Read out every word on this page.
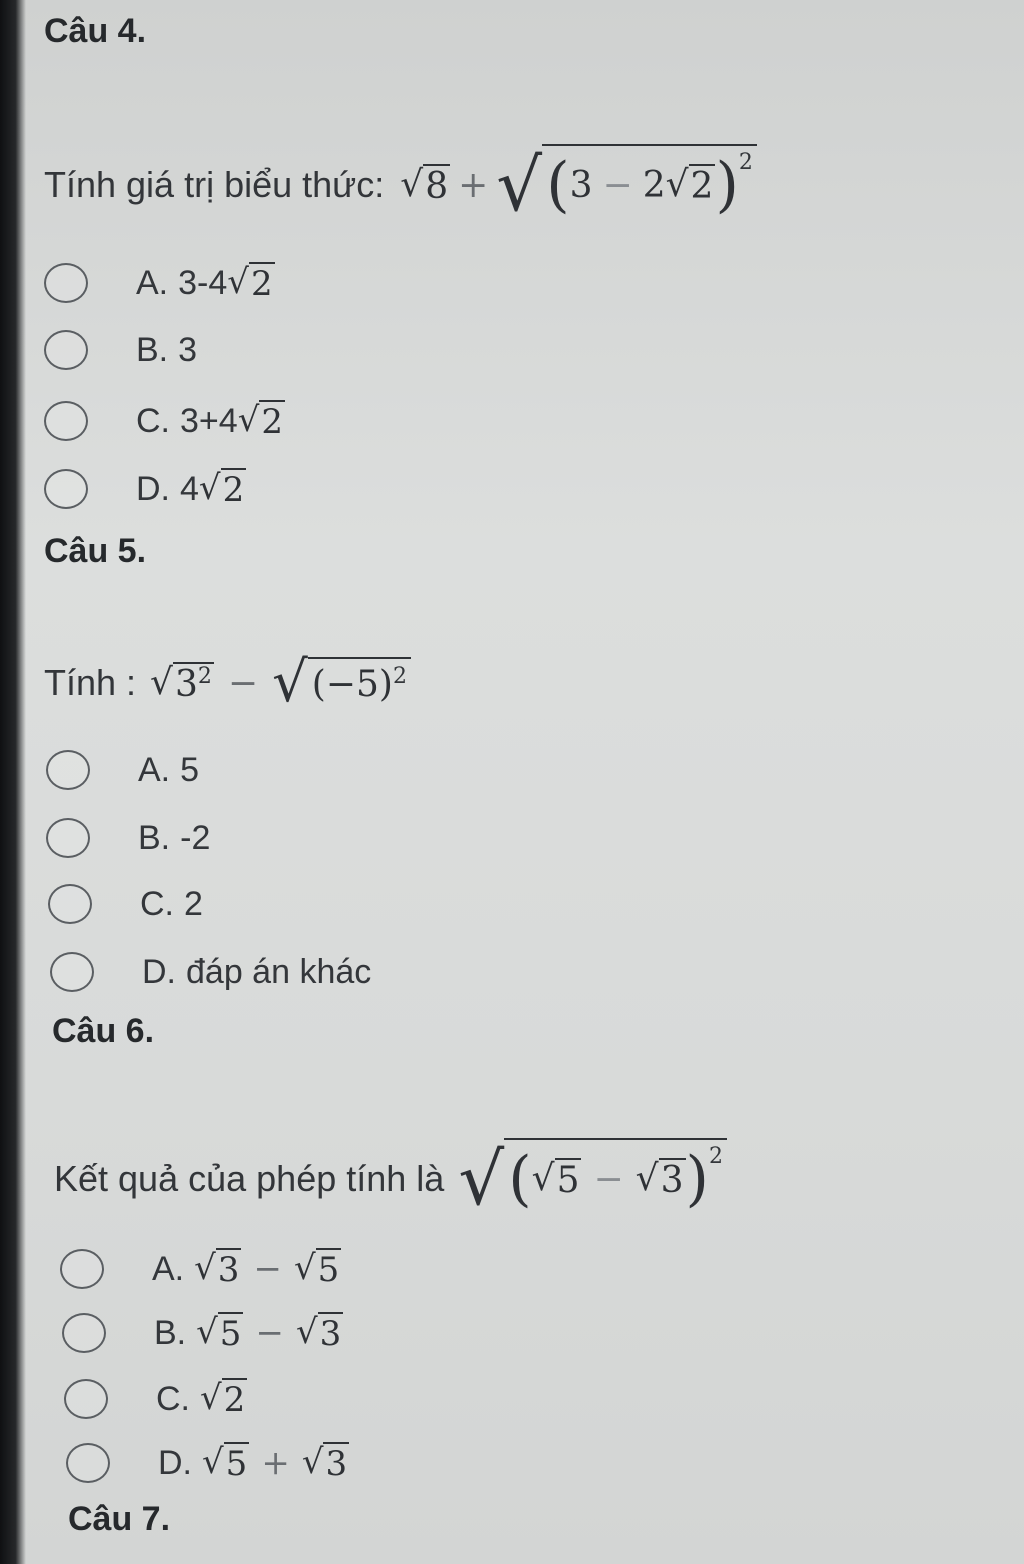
Câu 4.
Tính giá trị biểu thức: √ 8 + √ ( 3 − 2 √ 2 ) 2
A. 3-4 √ 2
B. 3
C. 3+4 √ 2
D. 4 √ 2
Câu 5.
Tính : √ $3^2$ − √ $(-5)^2$
A. 5
B. -2
C. 2
D. đáp án khác
Câu 6.
Kết quả của phép tính là √ ( √ 5 − √ 3 ) 2
A. √ 3 − √ 5
B. √ 5 − √ 3
C. √ 2
D. √ 5 + √ 3
Câu 7.
